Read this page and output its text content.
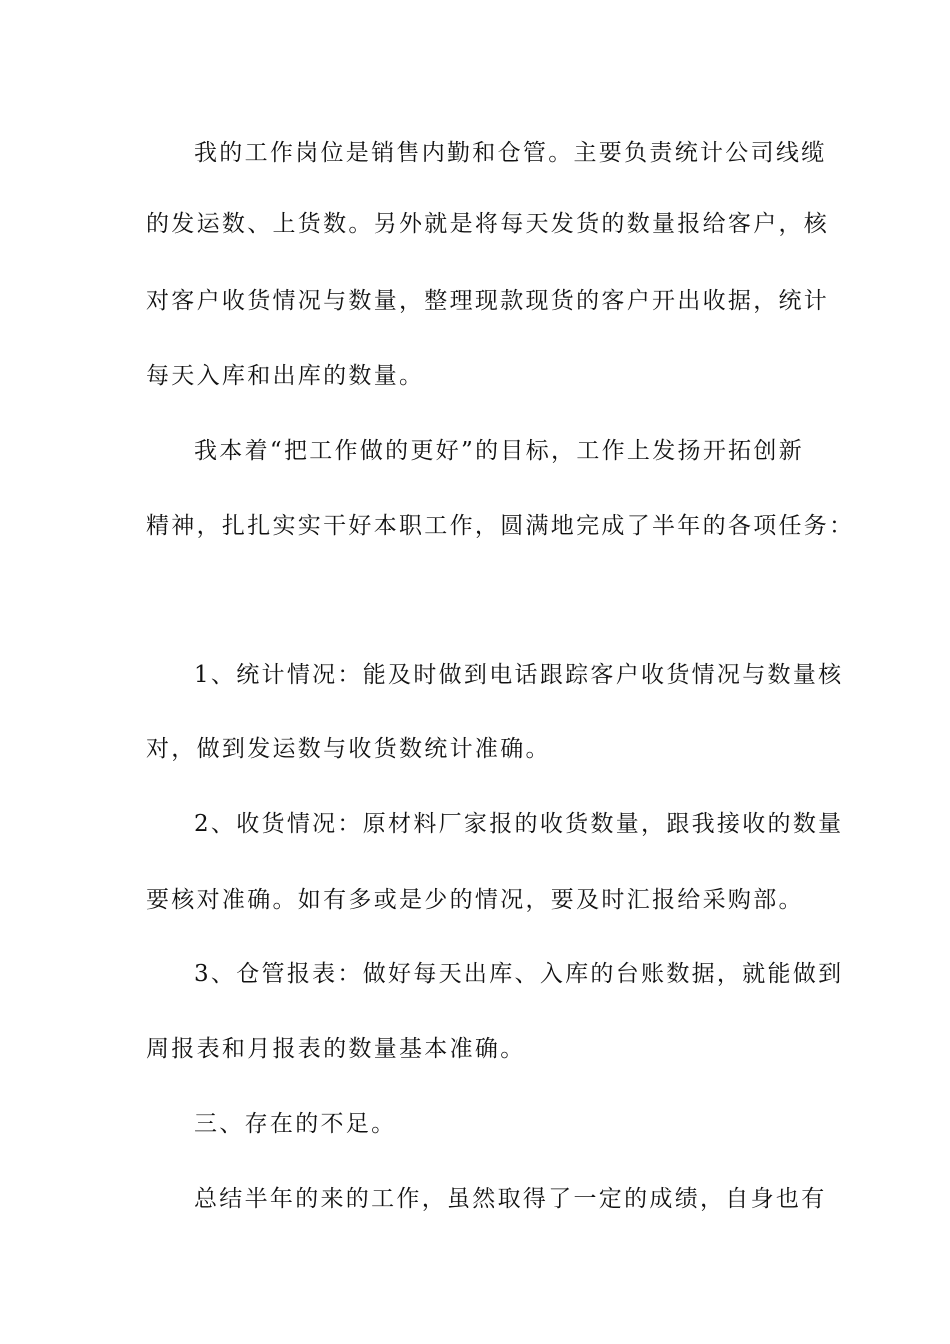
我的工作岗位是销售内勤和仓管。主要负责统计公司线缆
的发运数、上货数。另外就是将每天发货的数量报给客户，核
对客户收货情况与数量，整理现款现货的客户开出收据，统计
每天入库和出库的数量。
我本着“把工作做的更好”的目标，工作上发扬开拓创新
精神，扎扎实实干好本职工作，圆满地完成了半年的各项任务：
1、统计情况：能及时做到电话跟踪客户收货情况与数量核
对，做到发运数与收货数统计准确。
2、收货情况：原材料厂家报的收货数量，跟我接收的数量
要核对准确。如有多或是少的情况，要及时汇报给采购部。
3、仓管报表：做好每天出库、入库的台账数据，就能做到
周报表和月报表的数量基本准确。
三、存在的不足。
总结半年的来的工作，虽然取得了一定的成绩，自身也有
